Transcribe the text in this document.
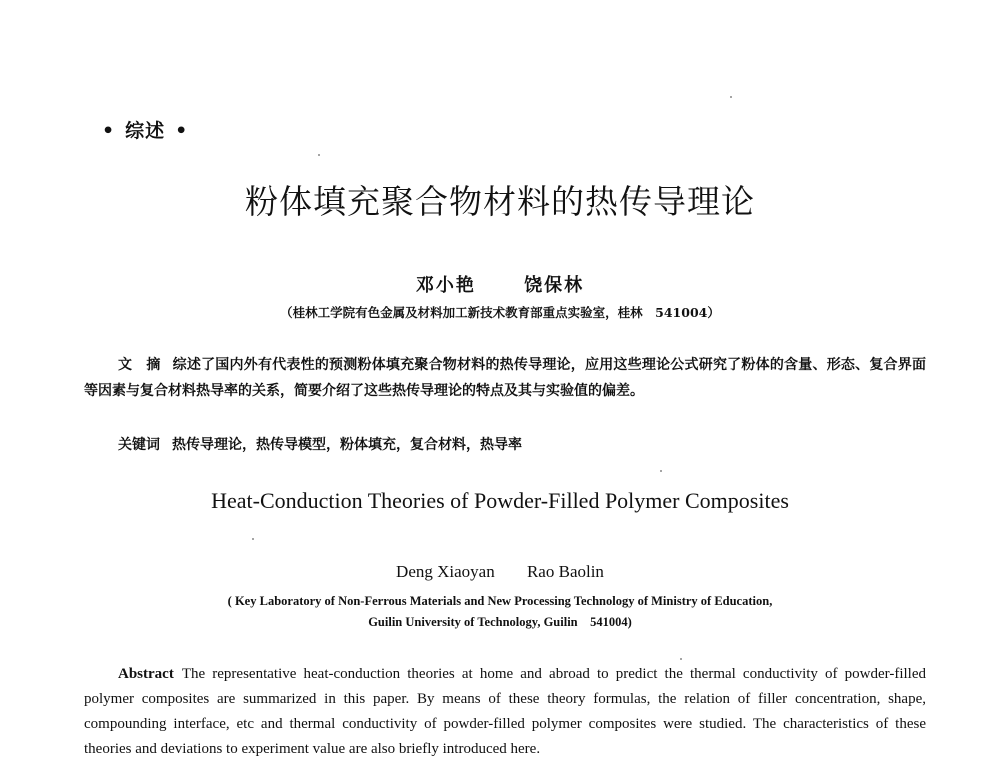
• 综述 •
粉体填充聚合物材料的热传导理论
邓小艳	饶保林
（桂林工学院有色金属及材料加工新技术教育部重点实验室，桂林　541004）
文　摘 综述了国内外有代表性的预测粉体填充聚合物材料的热传导理论，应用这些理论公式研究了粉体的含量、形态、复合界面等因素与复合材料热导率的关系，简要介绍了这些热传导理论的特点及其与实验值的偏差。
关键词 热传导理论，热传导模型，粉体填充，复合材料，热导率
Heat-Conduction Theories of Powder-Filled Polymer Composites
Deng Xiaoyan Rao Baolin
( Key Laboratory of Non-Ferrous Materials and New Processing Technology of Ministry of Education,
Guilin University of Technology, Guilin　541004)
Abstract The representative heat-conduction theories at home and abroad to predict the thermal conductivity of powder-filled polymer composites are summarized in this paper. By means of these theory formulas, the relation of filler concentration, shape, compounding interface, etc and thermal conductivity of powder-filled polymer composites were studied. The characteristics of these theories and deviations to experiment value are also briefly introduced here.
